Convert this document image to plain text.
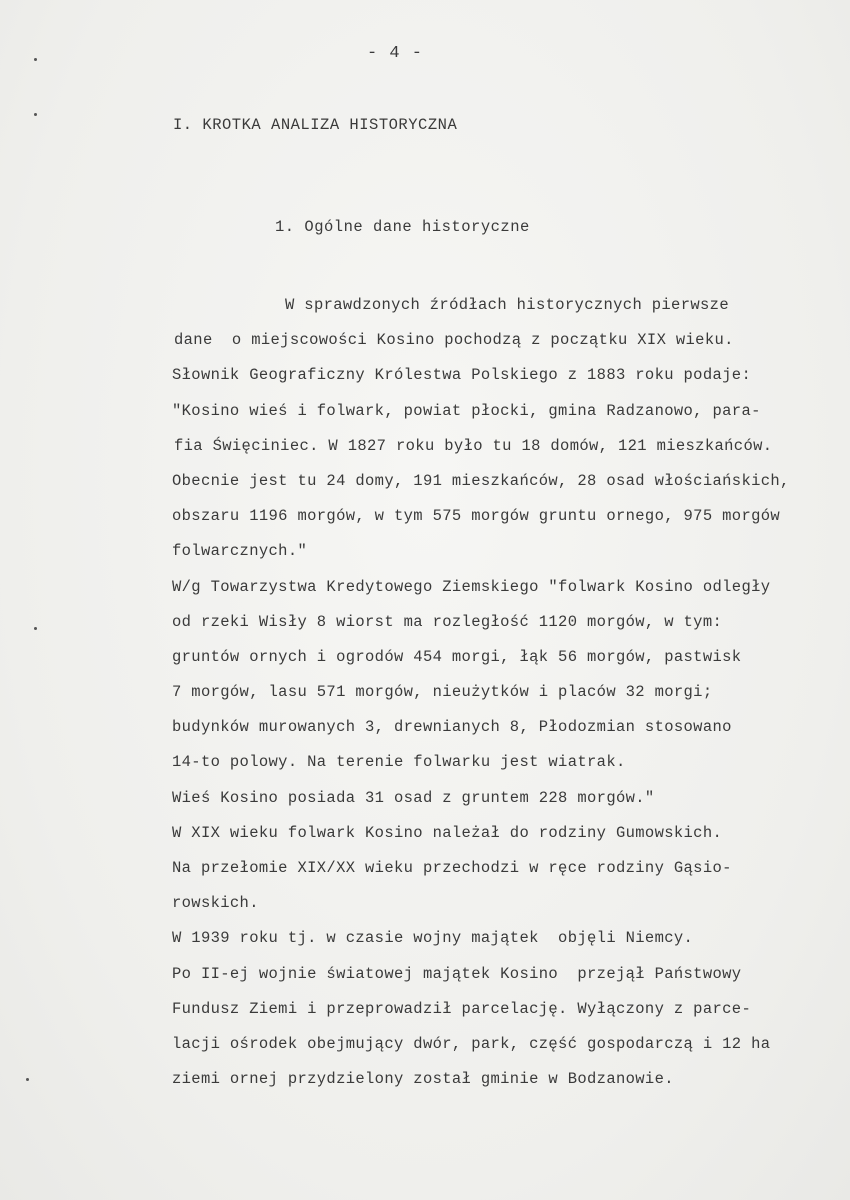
- 4 -
I. KROTKA ANALIZA HISTORYCZNA
1. Ogólne dane historyczne
W sprawdzonych źródłach historycznych pierwsze
dane  o miejscowości Kosino pochodzą z początku XIX wieku.
Słownik Geograficzny Królestwa Polskiego z 1883 roku podaje:
"Kosino wieś i folwark, powiat płocki, gmina Radzanowo, para-
fia Święciniec. W 1827 roku było tu 18 domów, 121 mieszkańców.
Obecnie jest tu 24 domy, 191 mieszkańców, 28 osad włościańskich,
obszaru 1196 morgów, w tym 575 morgów gruntu ornego, 975 morgów
folwarcznych."
W/g Towarzystwa Kredytowego Ziemskiego "folwark Kosino odległy
od rzeki Wisły 8 wiorst ma rozległość 1120 morgów, w tym:
gruntów ornych i ogrodów 454 morgi, łąk 56 morgów, pastwisk
7 morgów, lasu 571 morgów, nieużytków i placów 32 morgi;
budynków murowanych 3, drewnianych 8, Płodozmian stosowano
14-to polowy. Na terenie folwarku jest wiatrak.
Wieś Kosino posiada 31 osad z gruntem 228 morgów."
W XIX wieku folwark Kosino należał do rodziny Gumowskich.
Na przełomie XIX/XX wieku przechodzi w ręce rodziny Gąsio-
rowskich.
W 1939 roku tj. w czasie wojny majątek  objęli Niemcy.
Po II-ej wojnie światowej majątek Kosino  przejął Państwowy
Fundusz Ziemi i przeprowadził parcelację. Wyłączony z parce-
lacji ośrodek obejmujący dwór, park, część gospodarczą i 12 ha
ziemi ornej przydzielony został gminie w Bodzanowie.
